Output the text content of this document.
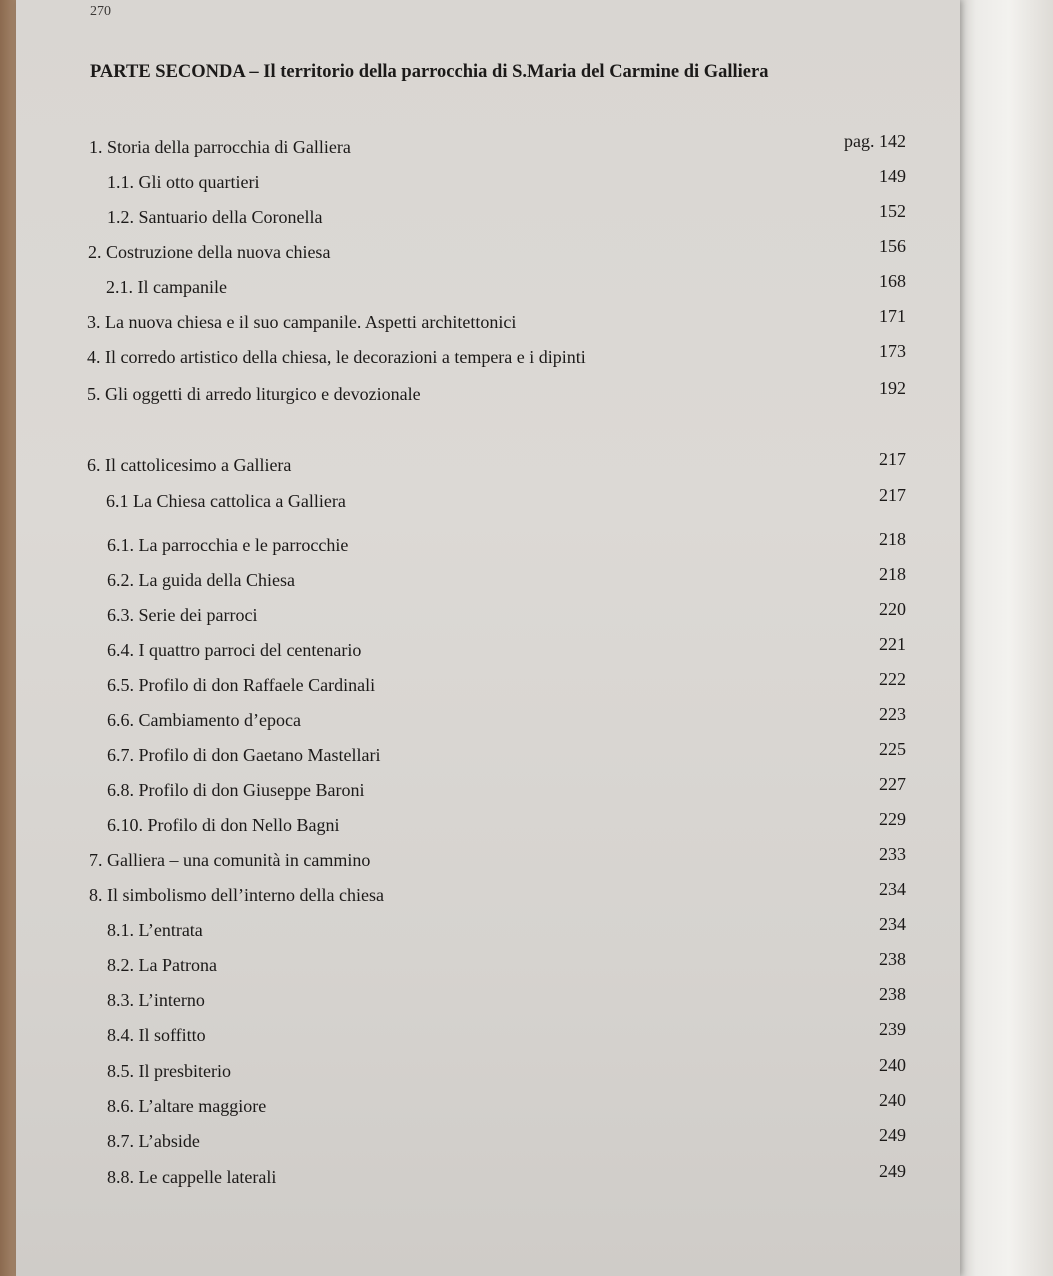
270
PARTE SECONDA – Il territorio della parrocchia di S.Maria del Carmine di Galliera
1. Storia della parrocchia di Galliera	pag. 142
1.1. Gli otto quartieri	149
1.2. Santuario della Coronella	152
2. Costruzione della nuova chiesa	156
2.1. Il campanile	168
3. La nuova chiesa e il suo campanile. Aspetti architettonici	171
4. Il corredo artistico della chiesa, le decorazioni a tempera e i dipinti	173
5. Gli oggetti di arredo liturgico e devozionale	192
6. Il cattolicesimo a Galliera	217
6.1 La Chiesa cattolica a Galliera	217
6.1. La parrocchia e le parrocchie	218
6.2. La guida della Chiesa	218
6.3. Serie dei parroci	220
6.4. I quattro parroci del centenario	221
6.5. Profilo di don Raffaele Cardinali	222
6.6. Cambiamento d’epoca	223
6.7. Profilo di don Gaetano Mastellari	225
6.8. Profilo di don Giuseppe Baroni	227
6.10. Profilo di don Nello Bagni	229
7. Galliera – una comunità in cammino	233
8. Il simbolismo dell’interno della chiesa	234
8.1. L’entrata	234
8.2. La Patrona	238
8.3. L’interno	238
8.4. Il soffitto	239
8.5. Il presbiterio	240
8.6. L’altare maggiore	240
8.7. L’abside	249
8.8. Le cappelle laterali	249
